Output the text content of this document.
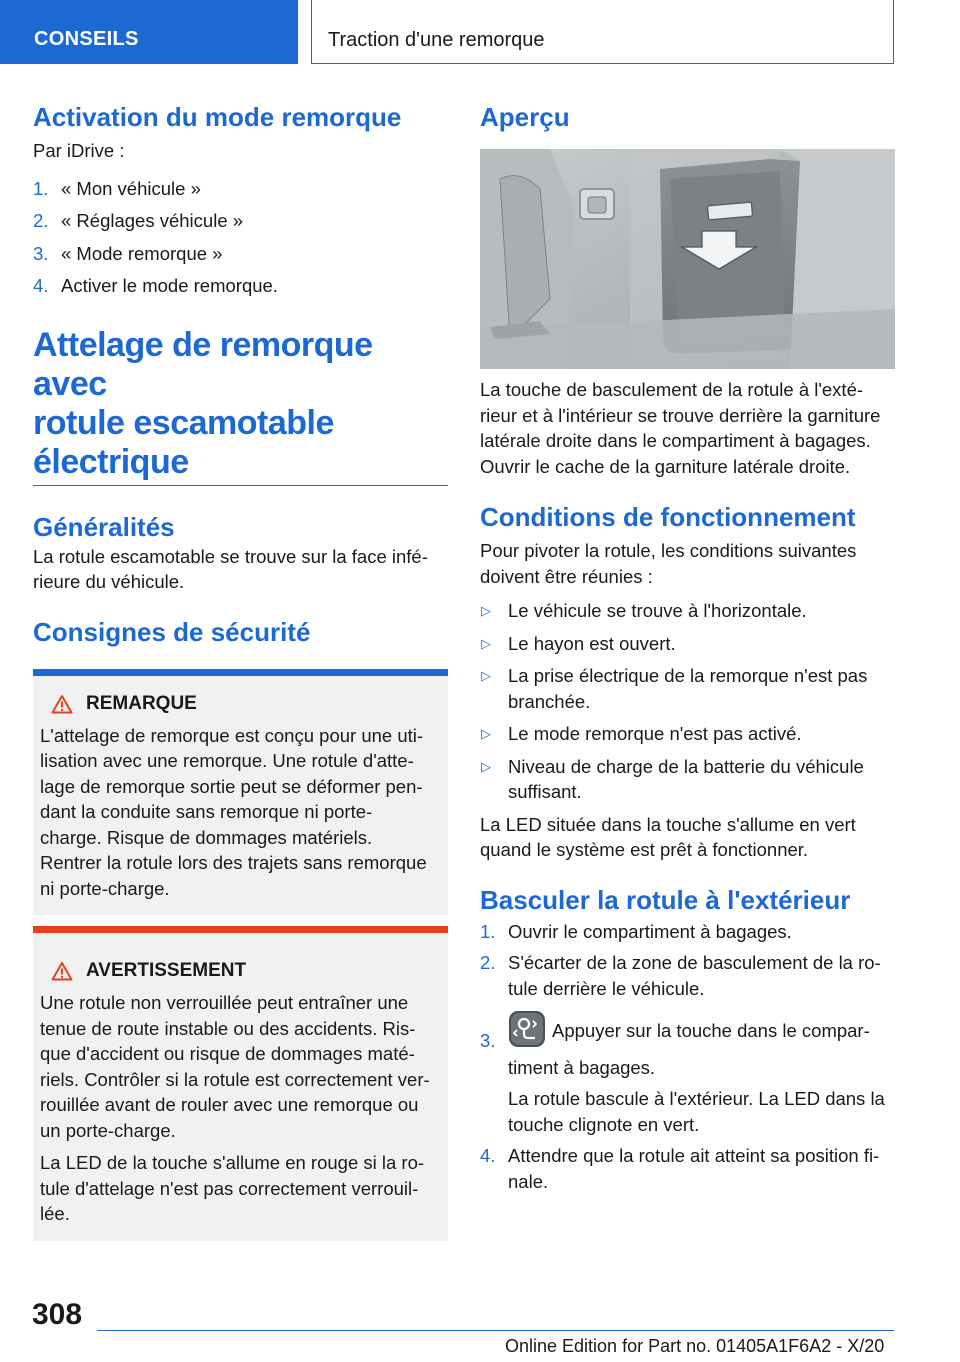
CONSEILS	Traction d'une remorque
Activation du mode remorque

Par iDrive :

1. « Mon véhicule »
2. « Réglages véhicule »
3. « Mode remorque »
4. Activer le mode remorque.
Attelage de remorque avec
rotule escamotable
électrique
Généralités

La rotule escamotable se trouve sur la face infé-

rieure du véhicule.

Consignes de sécurité
REMARQUE

L'attelage de remorque est conçu pour une uti-

lisation avec une remorque. Une rotule d'atte-

lage de remorque sortie peut se déformer pen-

dant la conduite sans remorque ni porte-

charge. Risque de dommages matériels.

Rentrer la rotule lors des trajets sans remorque

ni porte-charge.

AVERTISSEMENT

Une rotule non verrouillée peut entraîner une

tenue de route instable ou des accidents. Ris-

que d'accident ou risque de dommages maté-

riels. Contrôler si la rotule est correctement ver-

rouillée avant de rouler avec une remorque ou

un porte-charge.

La LED de la touche s'allume en rouge si la ro-

tule d'attelage n'est pas correctement verrouil-

lée.

Aperçu

La touche de basculement de la rotule à l'exté-

rieur et à l'intérieur se trouve derrière la garniture

latérale droite dans le compartiment à bagages.

Ouvrir le cache de la garniture latérale droite.

Conditions de fonctionnement

Pour pivoter la rotule, les conditions suivantes

doivent être réunies :

▷ Le véhicule se trouve à l'horizontale.
▷ Le hayon est ouvert.
▷ La prise électrique de la remorque n'est pas
branchée.
▷ Le mode remorque n'est pas activé.
▷ Niveau de charge de la batterie du véhicule
suffisant.

La LED située dans la touche s'allume en vert

quand le système est prêt à fonctionner.

Basculer la rotule à l'extérieur
1. Ouvrir le compartiment à bagages.
2. S'écarter de la zone de basculement de la ro-
tule derrière le véhicule.
3.	Appuyer sur la touche dans le compar-
timent à bagages.
La rotule bascule à l'extérieur. La LED dans la
touche clignote en vert.
4. Attendre que la rotule ait atteint sa position fi-
nale.
308
Online Edition for Part no. 01405A1F6A2 - X/20
